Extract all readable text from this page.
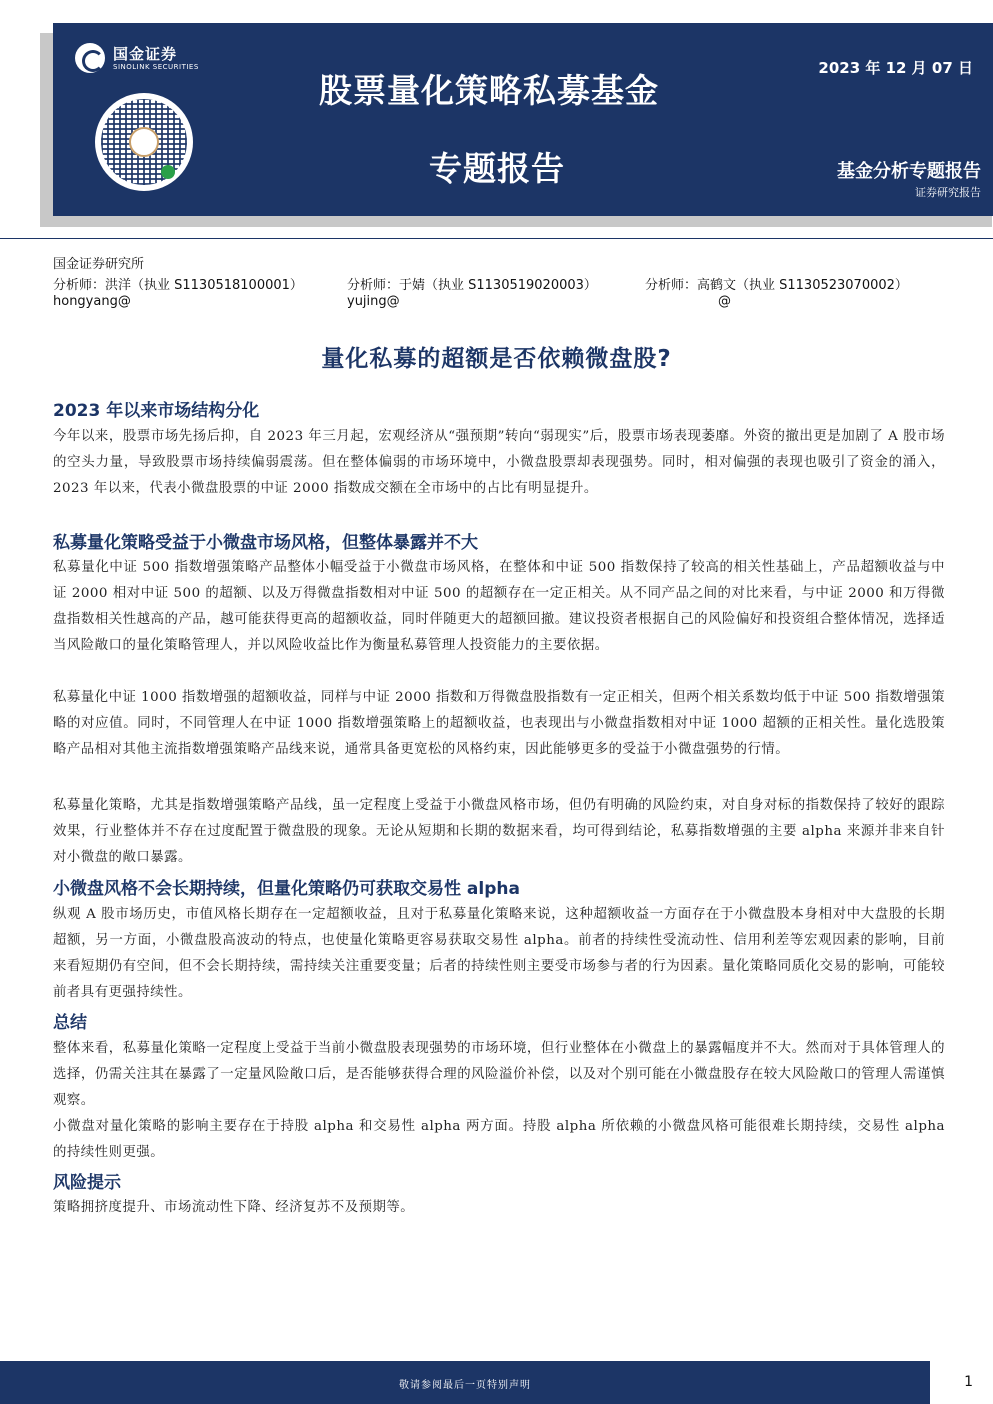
国金证券
SINOLINK SECURITIES
股票量化策略私募基金
专题报告
2023 年 12 月 07 日
基金分析专题报告
证券研究报告
国金证券研究所
分析师：洪洋（执业 S1130518100001）	分析师：于婧（执业 S1130519020003）	分析师：高鹤文（执业 S1130523070002）
hongyang@	yujing@	@
量化私募的超额是否依赖微盘股?
2023 年以来市场结构分化
今年以来，股票市场先扬后抑，自 2023 年三月起，宏观经济从“强预期”转向“弱现实”后，股票市场表现萎靡。外资的撤出更是加剧了 A 股市场的空头力量，导致股票市场持续偏弱震荡。但在整体偏弱的市场环境中，小微盘股票却表现强势。同时，相对偏强的表现也吸引了资金的涌入，2023 年以来，代表小微盘股票的中证 2000 指数成交额在全市场中的占比有明显提升。
私募量化策略受益于小微盘市场风格，但整体暴露并不大
私募量化中证 500 指数增强策略产品整体小幅受益于小微盘市场风格，在整体和中证 500 指数保持了较高的相关性基础上，产品超额收益与中证 2000 相对中证 500 的超额、以及万得微盘指数相对中证 500 的超额存在一定正相关。从不同产品之间的对比来看，与中证 2000 和万得微盘指数相关性越高的产品，越可能获得更高的超额收益，同时伴随更大的超额回撤。建议投资者根据自己的风险偏好和投资组合整体情况，选择适当风险敞口的量化策略管理人，并以风险收益比作为衡量私募管理人投资能力的主要依据。
私募量化中证 1000 指数增强的超额收益，同样与中证 2000 指数和万得微盘股指数有一定正相关，但两个相关系数均低于中证 500 指数增强策略的对应值。同时，不同管理人在中证 1000 指数增强策略上的超额收益，也表现出与小微盘指数相对中证 1000 超额的正相关性。量化选股策略产品相对其他主流指数增强策略产品线来说，通常具备更宽松的风格约束，因此能够更多的受益于小微盘强势的行情。
私募量化策略，尤其是指数增强策略产品线，虽一定程度上受益于小微盘风格市场，但仍有明确的风险约束，对自身对标的指数保持了较好的跟踪效果，行业整体并不存在过度配置于微盘股的现象。无论从短期和长期的数据来看，均可得到结论，私募指数增强的主要 alpha 来源并非来自针对小微盘的敞口暴露。
小微盘风格不会长期持续，但量化策略仍可获取交易性 alpha
纵观 A 股市场历史，市值风格长期存在一定超额收益，且对于私募量化策略来说，这种超额收益一方面存在于小微盘股本身相对中大盘股的长期超额，另一方面，小微盘股高波动的特点，也使量化策略更容易获取交易性 alpha。前者的持续性受流动性、信用利差等宏观因素的影响，目前来看短期仍有空间，但不会长期持续，需持续关注重要变量；后者的持续性则主要受市场参与者的行为因素。量化策略同质化交易的影响，可能较前者具有更强持续性。
总结
整体来看，私募量化策略一定程度上受益于当前小微盘股表现强势的市场环境，但行业整体在小微盘上的暴露幅度并不大。然而对于具体管理人的选择，仍需关注其在暴露了一定量风险敞口后，是否能够获得合理的风险溢价补偿，以及对个别可能在小微盘股存在较大风险敞口的管理人需谨慎观察。
小微盘对量化策略的影响主要存在于持股 alpha 和交易性 alpha 两方面。持股 alpha 所依赖的小微盘风格可能很难长期持续，交易性 alpha 的持续性则更强。
风险提示
策略拥挤度提升、市场流动性下降、经济复苏不及预期等。
敬请参阅最后一页特别声明	1
